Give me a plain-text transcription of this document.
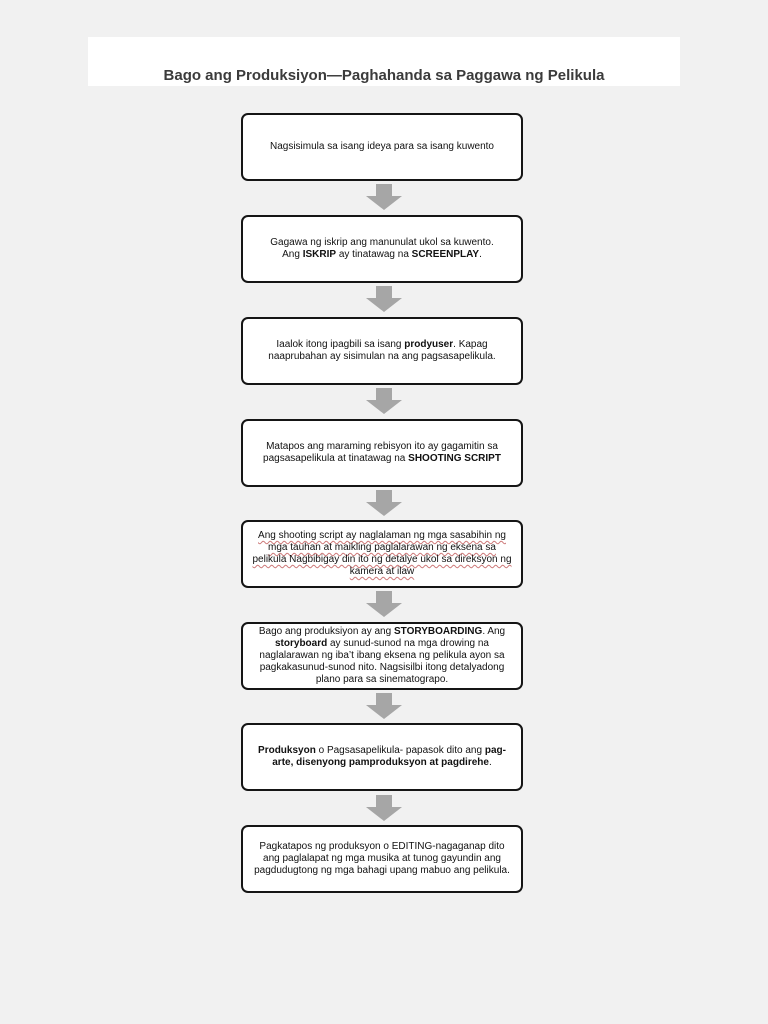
Bago ang Produksiyon—Paghahanda sa Paggawa ng Pelikula

Nagsisimula sa isang ideya para sa isang kuwento

Gagawa ng iskrip ang manunulat ukol sa kuwento.
Ang ISKRIP ay tinatawag na SCREENPLAY.

Iaalok itong ipagbili sa isang prodyuser. Kapag naaprubahan ay sisimulan na ang pagsasapelikula.

Matapos ang maraming rebisyon ito ay gagamitin sa pagsasapelikula at tinatawag na SHOOTING SCRIPT

Ang shooting script ay naglalaman ng mga sasabihin ng mga tauhan at maikling paglalarawan ng eksena sa pelikula Nagbibigay din ito ng detalye ukol sa direksyon ng kamera at ilaw

Bago ang produksiyon ay ang STORYBOARDING. Ang storyboard ay sunud-sunod na mga drowing na naglalarawan ng iba’t ibang eksena ng pelikula ayon sa pagkakasunud-sunod nito. Nagsisilbi itong detalyadong plano para sa sinematograpo.

Produksyon o Pagsasapelikula- papasok dito ang pag-arte, disenyong pamproduksyon at pagdirehe.

Pagkatapos ng produksyon o EDITING-nagaganap dito ang paglalapat ng mga musika at tunog gayundin ang pagdudugtong ng mga bahagi upang mabuo ang pelikula.
